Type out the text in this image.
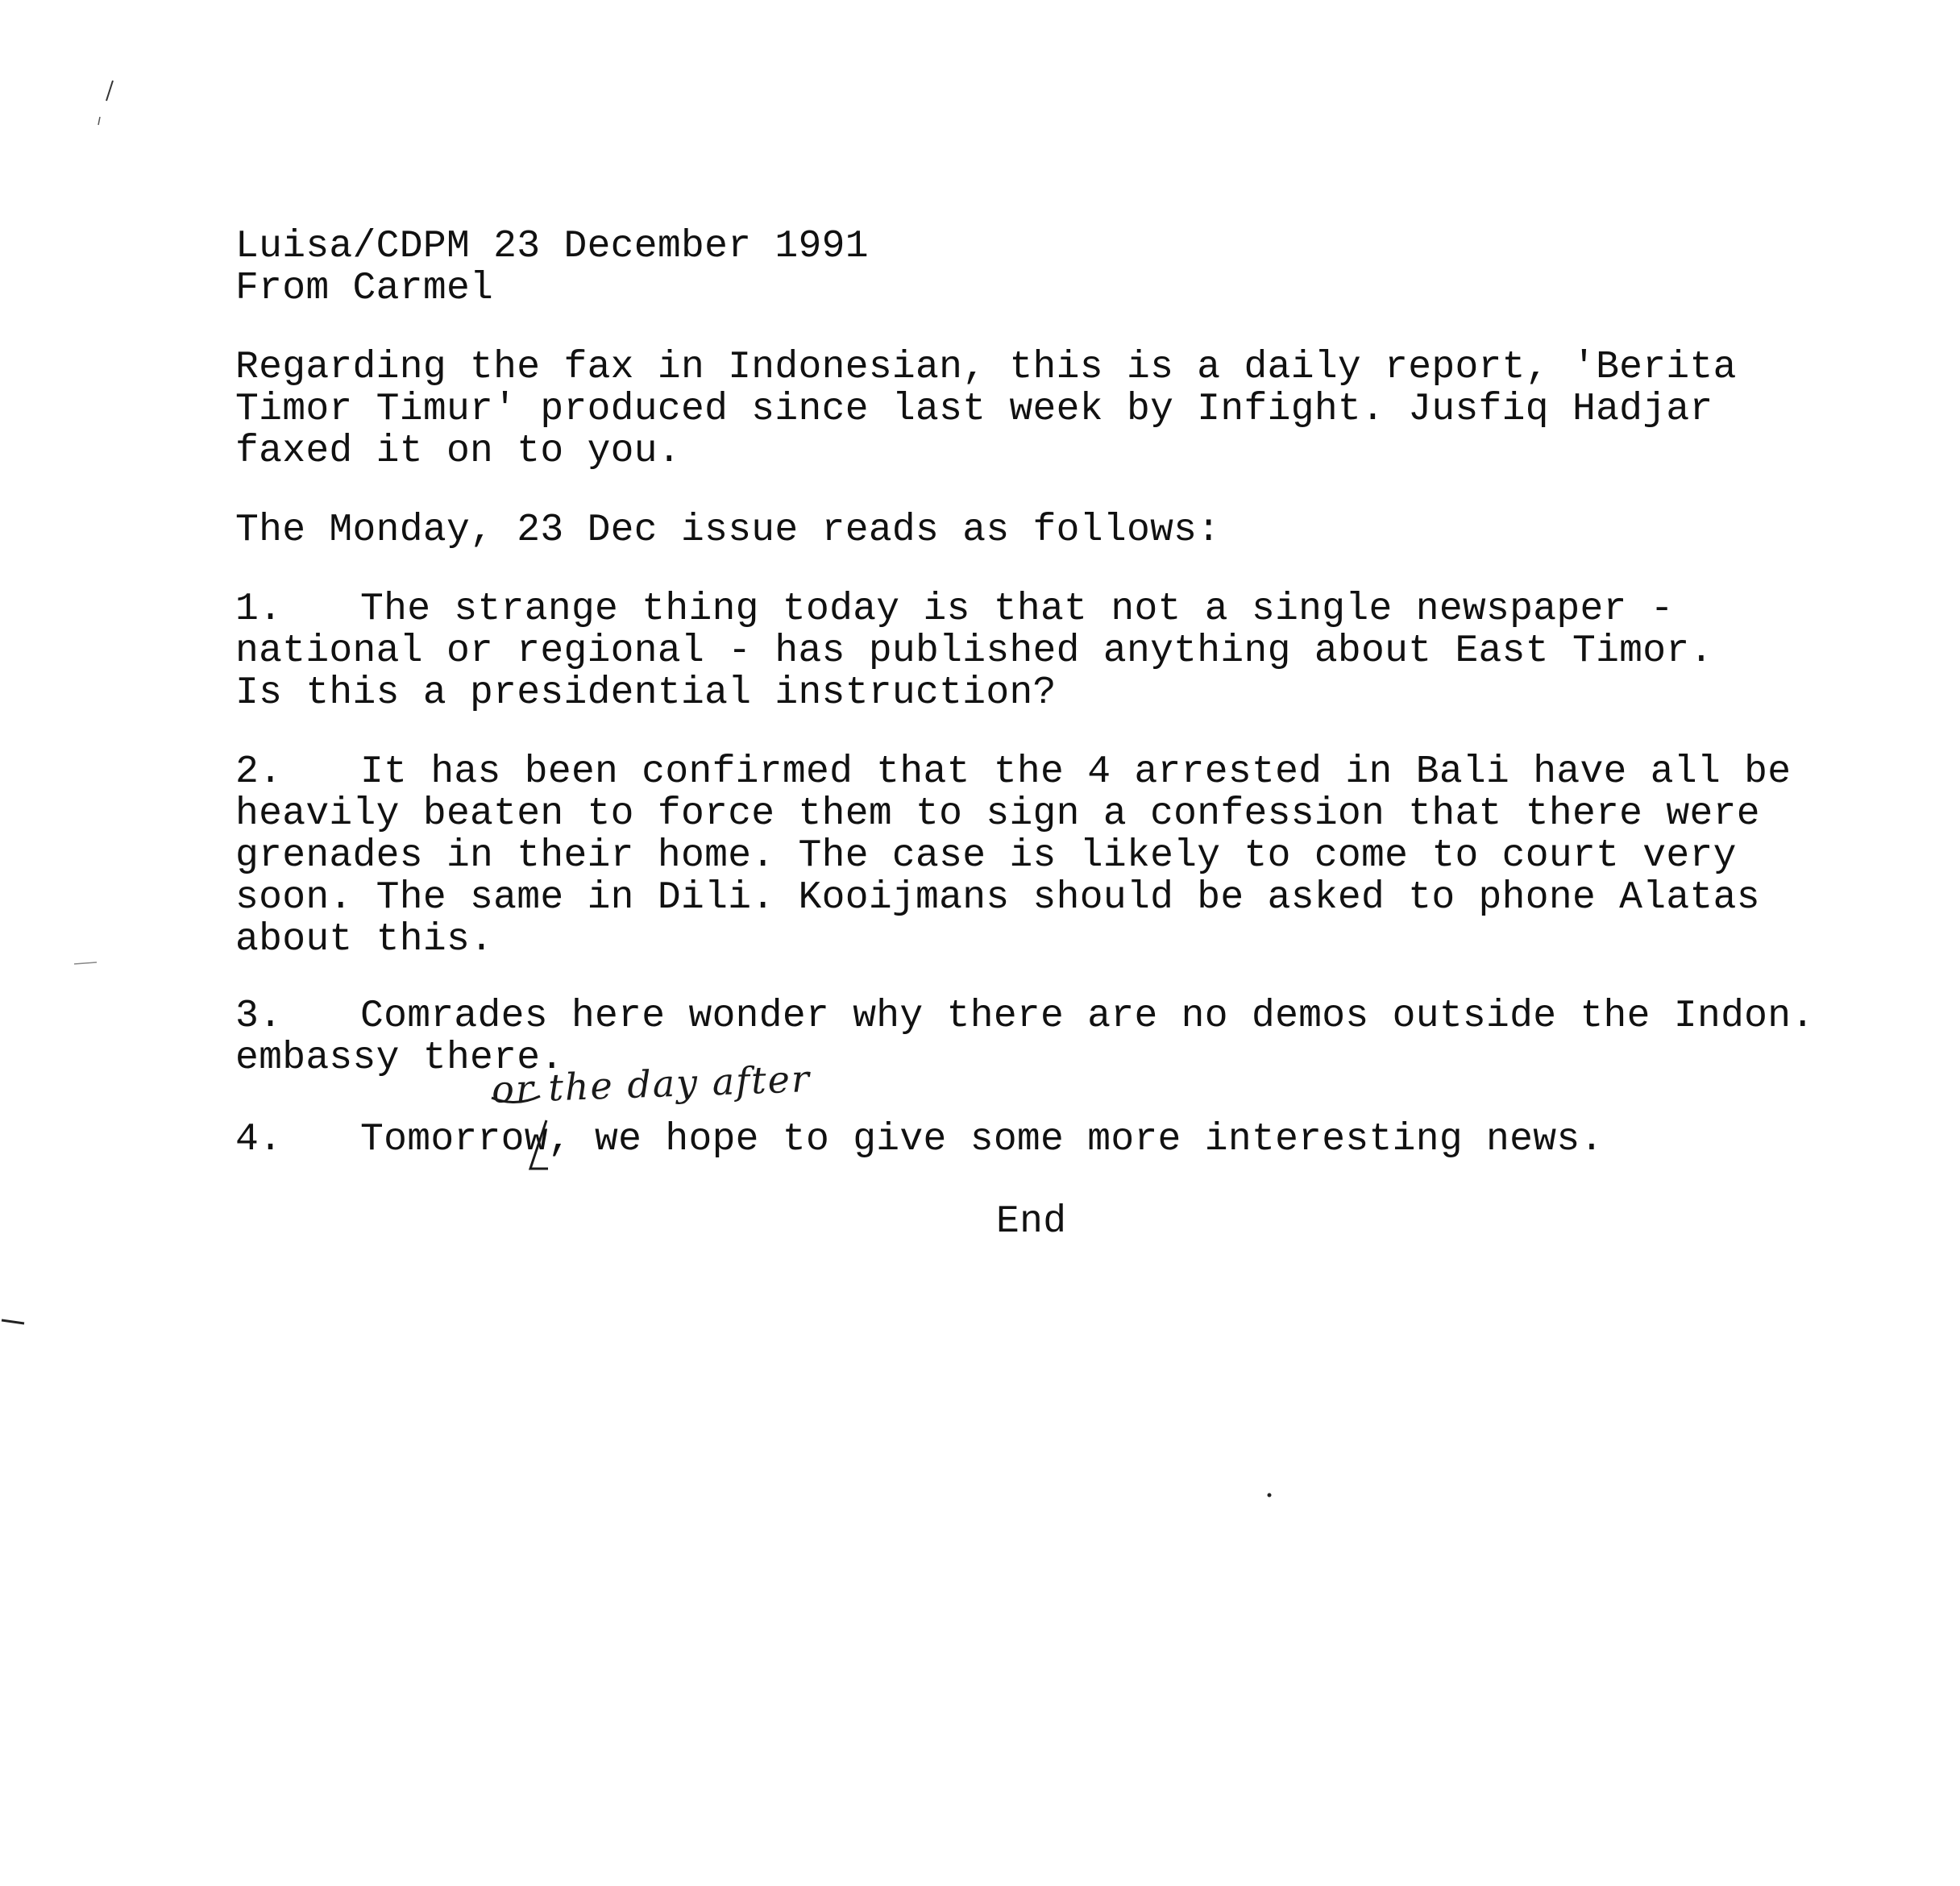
Luisa/CDPM 23 December 1991
From Carmel
Regarding the fax in Indonesian, this is a daily report, 'Berita
Timor Timur' produced since last week by Infight. Jusfiq Hadjar
faxed it on to you.
The Monday, 23 Dec issue reads as follows:
1. The strange thing today is that not a single newspaper -
national or regional - has published anything about East Timor.
Is this a presidential instruction?
2. It has been confirmed that the 4 arrested in Bali have all be
heavily beaten to force them to sign a confession that there were
grenades in their home. The case is likely to come to court very
soon. The same in Dili. Kooijmans should be asked to phone Alatas
about this.
3. Comrades here wonder why there are no demos outside the Indon.
embassy there.
or the day after
4. Tomorrow, we hope to give some more interesting news.
End
